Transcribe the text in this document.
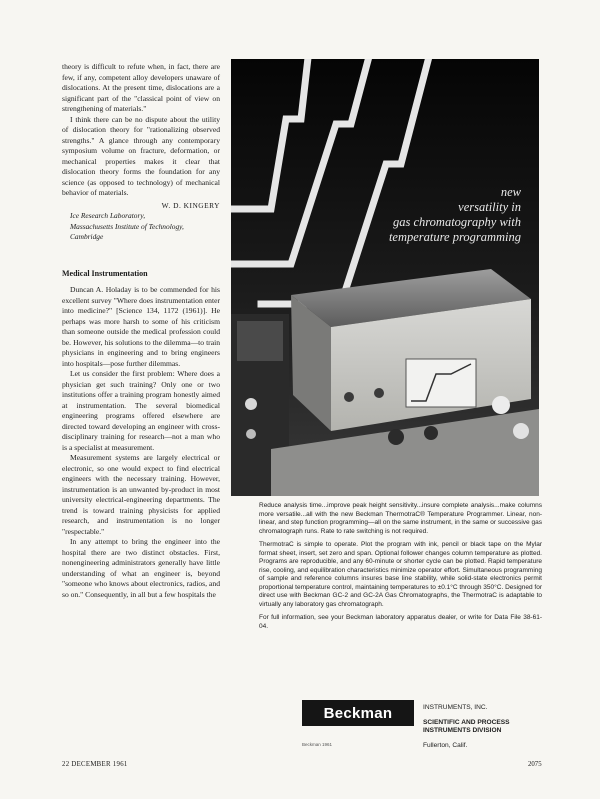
theory is difficult to refute when, in fact, there are few, if any, competent alloy developers unaware of dislocations. At the present time, dislocations are a significant part of the "classical point of view on strengthening of materials."

I think there can be no dispute about the utility of dislocation theory for "rationalizing observed strengths." A glance through any contemporary symposium volume on fracture, deformation, or mechanical properties makes it clear that dislocation theory forms the foundation for any science (as opposed to technology) of mechanical behavior of materials.

W. D. KINGERY
Ice Research Laboratory,
Massachusetts Institute of Technology,
Cambridge
Medical Instrumentation

Duncan A. Holaday is to be commended for his excellent survey "Where does instrumentation enter into medicine?" [Science 134, 1172 (1961)]. He perhaps was more harsh to some of his criticism than someone outside the medical profession could be. However, his solutions to the dilemma—to train physicians in engineering and to bring engineers into hospitals—pose further dilemmas.

Let us consider the first problem: Where does a physician get such training? Only one or two institutions offer a training program honestly aimed at instrumentation. The several biomedical engineering programs offered elsewhere are directed toward developing an engineer with cross-disciplinary training for research—not a man who is a specialist at measurement.

Measurement systems are largely electrical or electronic, so one would expect to find electrical engineers with the necessary training. However, instrumentation is an unwanted by-product in most university electrical-engineering departments. The trend is toward training physicists for applied research, and instrumentation is no longer "respectable."

In any attempt to bring the engineer into the hospital there are two distinct obstacles. First, nonengineering administrators generally have little understanding of what an engineer is, beyond "someone who knows about electronics, radios, and so on." Consequently, in all but a few hospitals the

new
versatility in
gas chromatography with
temperature programming

Reduce analysis time...improve peak height sensitivity...insure complete analysis...make columns more versatile...all with the new Beckman ThermotraC® Temperature Programmer. Linear, non-linear, and step function programming—all on the same instrument, in the same or successive gas chromatograph runs. Rate to rate switching is not required.

ThermotraC is simple to operate. Plot the program with ink, pencil or black tape on the Mylar format sheet, insert, set zero and span. Optional follower changes column temperature as plotted. Programs are reproducible, and any 60-minute or shorter cycle can be plotted. Rapid temperature rise, cooling, and equilibration characteristics minimize operator effort. Simultaneous programming of sample and reference columns insures base line stability, while solid-state electronics permit proportional temperature control, maintaining temperatures to ±0.1°C through 350°C. Designed for direct use with Beckman GC-2 and GC-2A Gas Chromatographs, the ThermotraC is adaptable to virtually any laboratory gas chromatograph.

For full information, see your Beckman laboratory apparatus dealer, or write for Data File 38-61-04.

Beckman	INSTRUMENTS, INC.
SCIENTIFIC AND PROCESS
INSTRUMENTS DIVISION
Fullerton, Calif.
Beckman 1961
22 DECEMBER 1961	2075
